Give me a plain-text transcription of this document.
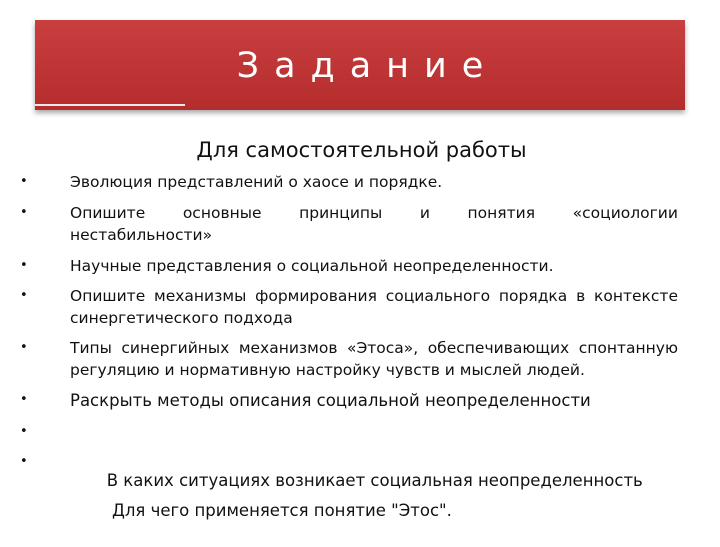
Задание
Для самостоятельной работы
•	Эволюция представлений о хаосе и порядке.
•	Опишите основные принципы и понятия «социологии
нестабильности»
•	Научные представления о социальной неопределенности.
•	Опишите механизмы формирования социального порядка в контексте синергетического подхода
•	Типы синергийных механизмов «Этоса», обеспечивающих спонтанную регуляцию и нормативную настройку чувств и мыслей людей.
•	Раскрыть методы описания социальной неопределенности

•

В каких ситуациях возникает социальная неопределенность

•

Для чего применяется понятие "Этос".
